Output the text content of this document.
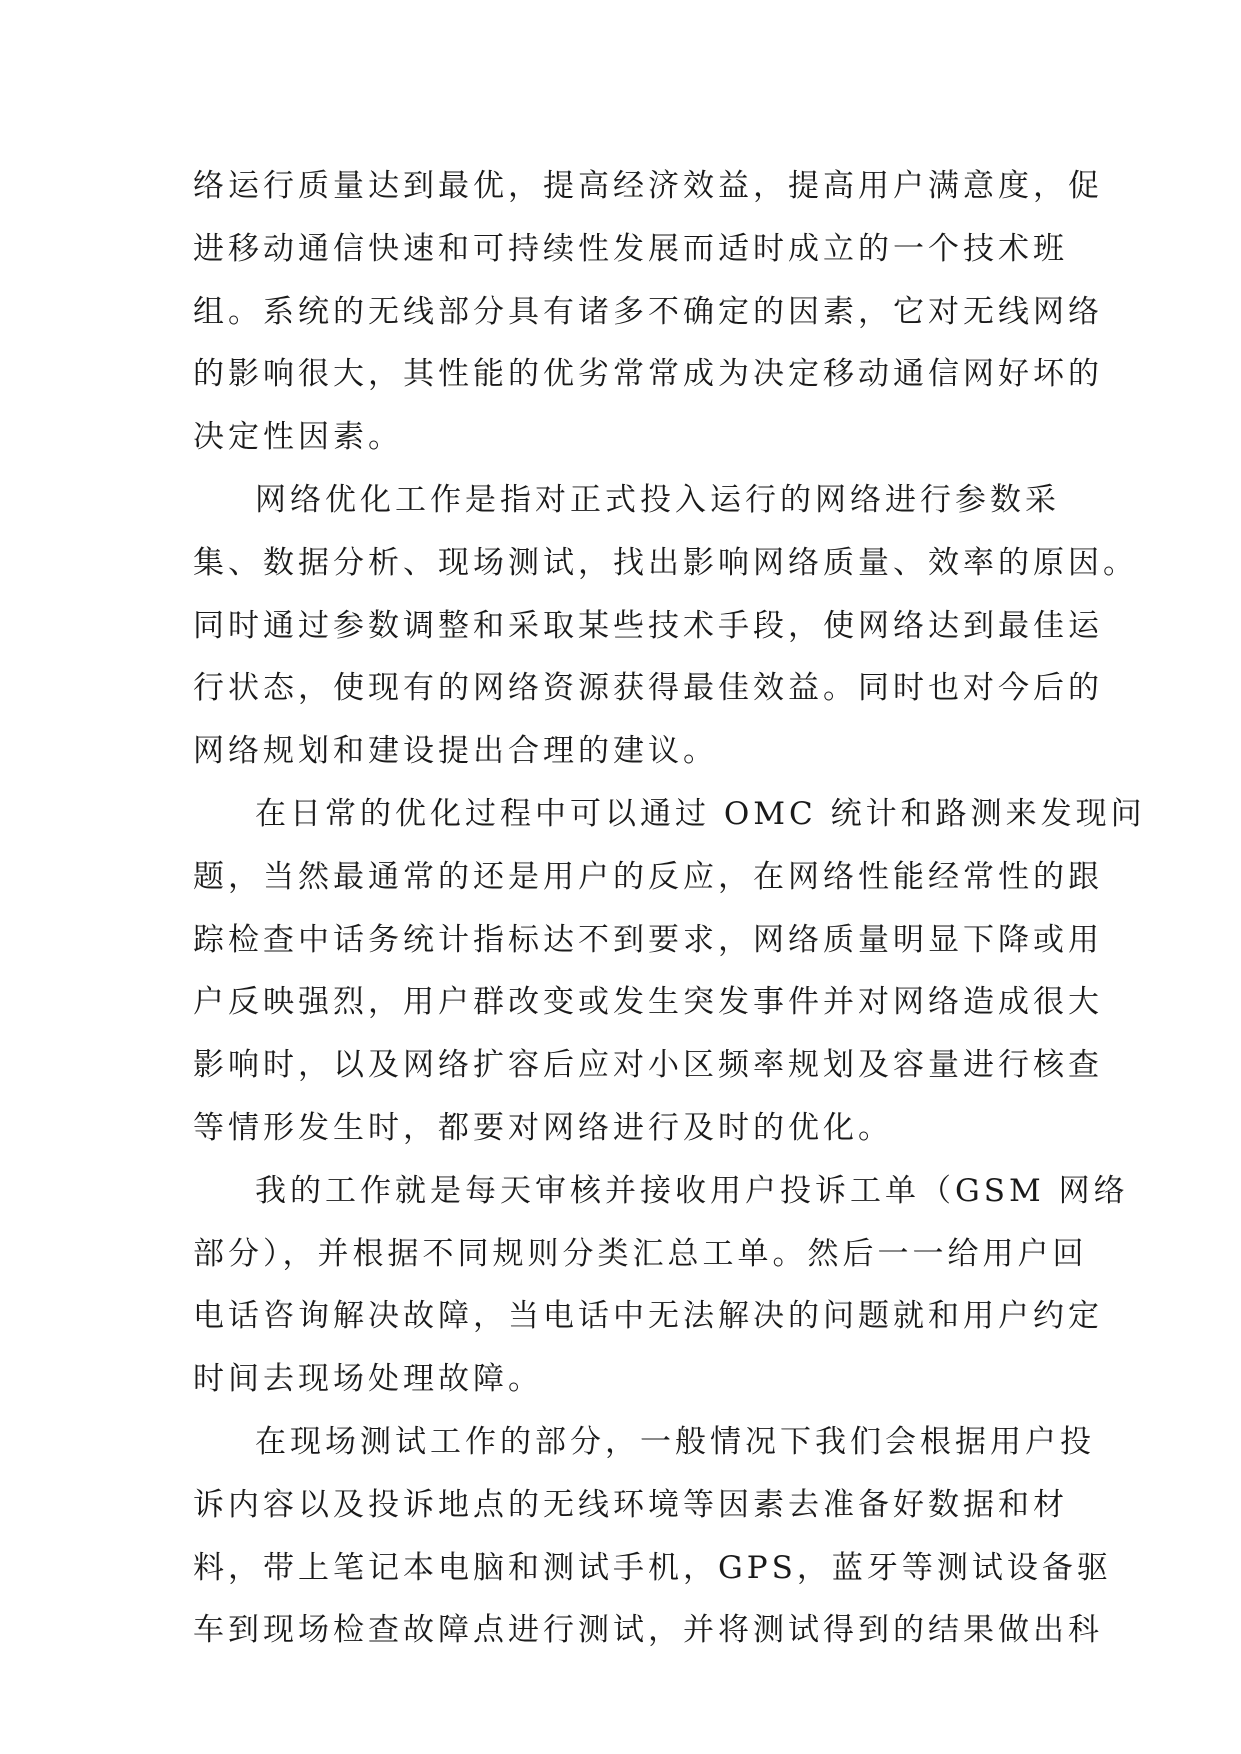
络运行质量达到最优，提高经济效益，提高用户满意度，促
进移动通信快速和可持续性发展而适时成立的一个技术班
组。系统的无线部分具有诸多不确定的因素，它对无线网络
的影响很大，其性能的优劣常常成为决定移动通信网好坏的
决定性因素。
网络优化工作是指对正式投入运行的网络进行参数采
集、数据分析、现场测试，找出影响网络质量、效率的原因。
同时通过参数调整和采取某些技术手段，使网络达到最佳运
行状态，使现有的网络资源获得最佳效益。同时也对今后的
网络规划和建设提出合理的建议。
在日常的优化过程中可以通过 OMC 统计和路测来发现问
题，当然最通常的还是用户的反应，在网络性能经常性的跟
踪检查中话务统计指标达不到要求，网络质量明显下降或用
户反映强烈，用户群改变或发生突发事件并对网络造成很大
影响时，以及网络扩容后应对小区频率规划及容量进行核查
等情形发生时，都要对网络进行及时的优化。
我的工作就是每天审核并接收用户投诉工单（GSM 网络
部分），并根据不同规则分类汇总工单。然后一一给用户回
电话咨询解决故障，当电话中无法解决的问题就和用户约定
时间去现场处理故障。
在现场测试工作的部分，一般情况下我们会根据用户投
诉内容以及投诉地点的无线环境等因素去准备好数据和材
料，带上笔记本电脑和测试手机，GPS，蓝牙等测试设备驱
车到现场检查故障点进行测试，并将测试得到的结果做出科
